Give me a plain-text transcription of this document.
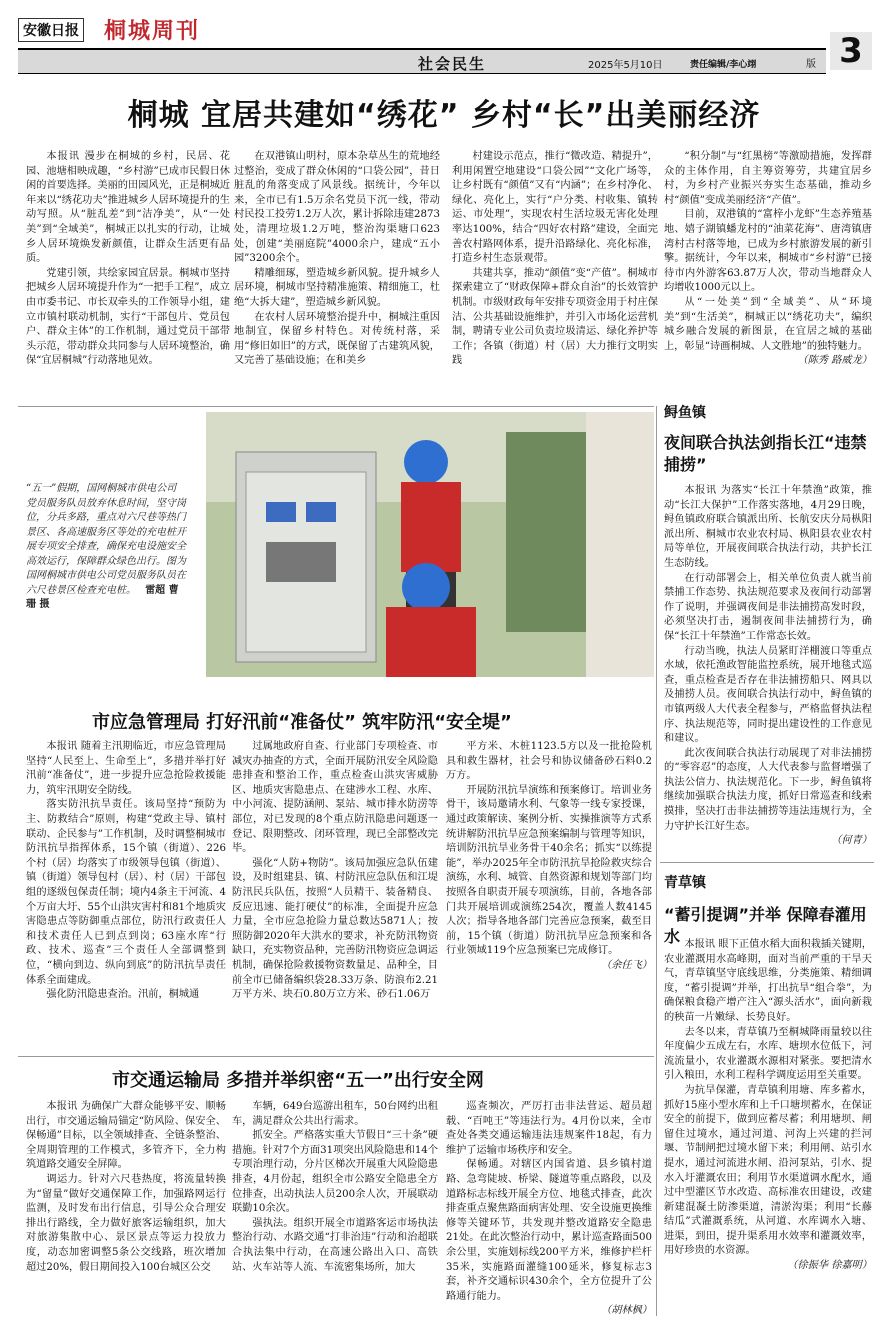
安徽日报 桐城周刊
社会民生	2025年5月10日	责任编辑/李心翊 3
版
桐城 宜居共建如“绣花” 乡村“长”出美丽经济

本报讯 漫步在桐城的乡村，民居、花园、池塘相映成趣，“乡村游”已成市民假日休闲的首要选择。美丽的田园风光，正是桐城近年来以“绣花功夫”推进城乡人居环境提升的生动写照。从“脏乱差”到“洁净美”，从“一处美”到“全域美”，桐城正以扎实的行动，让城乡人居环境焕发新颜值，让群众生活更有品质。

党建引领，共绘家园宜居景。桐城市坚持把城乡人居环境提升作为“一把手工程”，成立由市委书记、市长双牵头的工作领导小组，建立市镇村联动机制，实行“干部包片、党员包户、群众主体”的工作机制，通过党员干部带头示范，带动群众共同参与人居环境整治，确保“宜居桐城”行动落地见效。

在双港镇山明村，原本杂草丛生的荒地经过整治，变成了群众休闲的“口袋公园”，昔日脏乱的角落变成了风景线。据统计，今年以来，全市已有1.5万余名党员下沉一线，带动村民投工投劳1.2万人次，累计拆除违建2873处，清理垃圾1.2万吨，整治沟渠塘口623处，创建“美丽庭院”4000余户，建成“五小园”3200余个。

精雕细琢，塑造城乡新风貌。提升城乡人居环境，桐城市坚持精准施策、精细施工，杜绝“大拆大建”，塑造城乡新风貌。

在农村人居环境整治提升中，桐城注重因地制宜，保留乡村特色。对传统村落，采用“修旧如旧”的方式，既保留了古建筑风貌，又完善了基础设施；在和美乡

村建设示范点，推行“微改造、精提升”，利用闲置空地建设“口袋公园”“文化广场等，让乡村既有“颜值”又有“内涵”；在乡村净化、绿化、亮化上，实行“户分类、村收集、镇转运、市处理”，实现农村生活垃圾无害化处理率达100%，结合“四好农村路”建设，全面完善农村路网体系，提升沿路绿化、亮化标准，打造乡村生态景观带。

共建共享，推动“颜值”变“产值”。桐城市探索建立了“财政保障+群众自治”的长效管护机制。市级财政每年安排专项资金用于村庄保洁、公共基础设施维护，并引入市场化运营机制，聘请专业公司负责垃圾清运、绿化养护等工作；各镇（街道）村（居）大力推行文明实践

“积分制”与“红黑榜”等激励措施，发挥群众的主体作用，自主筹资筹劳，共建宜居乡村，为乡村产业振兴夯实生态基础，推动乡村“颜值”变成美丽经济“产值”。

目前，双港镇的“富梓小龙虾”生态养殖基地、嬉子湖镇蟠龙村的“油菜花海”、唐湾镇唐湾村古村落等地，已成为乡村旅游发展的新引擎。据统计，今年以来，桐城市“乡村游”已接待市内外游客63.87万人次，带动当地群众人均增收1000元以上。

从“一处美”到“全域美”、从“环境美”到“生活美”，桐城正以“绣花功夫”，编织城乡融合发展的新图景，在宜居之城的基础上，彰显“诗画桐城、人文胜地”的独特魅力。

（陈秀 路威龙）
“五一”假期，国网桐城市供电公司党员服务队员放弃休息时间，坚守岗位，分兵多路，重点对六尺巷等热门景区、各高速服务区等处的充电桩开展专项安全排查，确保充电设施安全高效运行，保障群众绿色出行。图为国网桐城市供电公司党员服务队员在六尺巷景区检查充电桩。 雷超 曹珊 摄
鲟鱼镇
夜间联合执法剑指长江“违禁捕捞”

本报讯 为落实“长江十年禁渔”政策，推动“长江大保护”工作落实落地，4月29日晚，鲟鱼镇政府联合镇派出所、长航安庆分局枞阳派出所、桐城市农业农村局、枞阳县农业农村局等单位，开展夜间联合执法行动，共护长江生态防线。

在行动部署会上，相关单位负责人就当前禁捕工作态势、执法规范要求及夜间行动部署作了说明，并强调夜间是非法捕捞高发时段，必须坚决打击，遏制夜间非法捕捞行为，确保“长江十年禁渔”工作常态长效。

行动当晚，执法人员紧盯洋棚渡口等重点水域，依托渔政智能监控系统，展开地毯式巡查，重点检查是否存在非法捕捞船只、网具以及捕捞人员。夜间联合执法行动中，鲟鱼镇的市镇两级人大代表全程参与，严格监督执法程序、执法规范等，同时提出建设性的工作意见和建议。

此次夜间联合执法行动展现了对非法捕捞的“零容忍”的态度，人大代表参与监督增强了执法公信力、执法规范化。下一步，鲟鱼镇将继续加强联合执法力度，抓好日常巡查和线索摸排，坚决打击非法捕捞等违法违规行为，全力守护长江好生态。

（何青）
青草镇
“蓄引提调”并举 保障春灌用水 本报讯 眼下正值水稻大面积栽插关键期，农业灌溉用水高峰期，面对当前严重的干旱天气，青草镇坚守底线思维，分类施策、精细调度，“蓄引提调”并举，打出抗旱“组合拳”，为确保粮食稳产增产注入“源头活水”，面向新栽的秧苗一片嫩绿、长势良好。

去冬以来，青草镇乃至桐城降雨量较以往年度偏少五成左右，水库、塘坝水位低下，河流流量小，农业灌溉水源相对紧张。要把清水引入粮田，水利工程科学调度运用至关重要。

为抗旱保灌，青草镇利用塘、库多蓄水，抓好15座小型水库和上千口塘坝蓄水，在保证安全的前提下，做到应蓄尽蓄；利用塘坝、闸留住过境水，通过河道、河沟上兴建的拦河堰、节制闸把过境水留下来；利用闸、站引水提水，通过河流进水闸、沿河泵站，引水、提水入圩灌溉农田；利用节水渠道调水配水，通过中型灌区节水改造、高标准农田建设，改建新建混凝土防渗渠道，清淤沟渠；利用“长藤结瓜”式灌溉系统，从河道、水库调水入塘、进渠，到田，提升渠系用水效率和灌溉效率，用好珍贵的水资源。

（徐振华 徐嘉明）
市应急管理局 打好汛前“准备仗” 筑牢防汛“安全堤”

本报讯 随着主汛期临近，市应急管理局坚持“人民至上、生命至上”，多措并举打好汛前“准备仗”，进一步提升应急抢险救援能力，筑牢汛期安全防线。

落实防汛抗旱责任。该局坚持“预防为主、防救结合”原则，构建“党政主导、镇村联动、企民参与”工作机制，及时调整桐城市防汛抗旱指挥体系，15个镇（街道）、226个村（居）均落实了市级领导包镇（街道）、镇（街道）领导包村（居）、村（居）干部包组的逐级包保责任制；境内4条主干河流、4个万亩大圩、55个山洪灾害村和81个地质灾害隐患点等防御重点部位，防汛行政责任人和技术责任人已到点到岗；63座水库“行政、技术、巡查”三个责任人全部调整到位，“横向到边、纵向到底”的防汛抗旱责任体系全面建成。

强化防汛隐患查治。汛前，桐城通

过属地政府自查、行业部门专项检查、市减灾办抽查的方式，全面开展防汛安全风险隐患排查和整治工作，重点检查山洪灾害威胁区、地质灾害隐患点、在建涉水工程、水库、中小河流、提防涵闸、泵站、城市排水防涝等部位，对已发现的8个重点防汛隐患问题逐一登记、限期整改、闭环管理，现已全部整改完毕。

强化“人防+物防”。该局加强应急队伍建设，及时组建县、镇、村防汛应急队伍和江堤防汛民兵队伍，按照“人员精干、装备精良、反应迅速、能打硬仗”的标准，全面提升应急力量，全市应急抢险力量总数达5871人；按照防御2020年大洪水的要求，补充防汛物资缺口，充实物资品种，完善防汛物资应急调运机制，确保抢险救援物资数量足、品种全，目前全市已储备编织袋28.33万条、防浪布2.21万平方米、块石0.80万立方米、砂石1.06万

平方米、木桩1123.5方以及一批抢险机具和救生器材，社会号和协议储备砂石料0.2万方。

开展防汛抗旱演练和预案修订。培训业务骨干，该局邀请水利、气象等一线专家授课，通过政策解读、案例分析、实操推演等方式系统讲解防汛抗旱应急预案编制与管理等知识，培训防汛抗旱业务骨干40余名；抓实“以练提能”，举办2025年全市防汛抗旱抢险救灾综合演练，水利、城管、自然资源和规划等部门均按照各自职责开展专项演练，目前，各地各部门共开展培训或演练254次，覆盖人数4145人次；指导各地各部门完善应急预案，截至目前，15个镇（街道）防汛抗旱应急预案和各行业领域119个应急预案已完成修订。

（余任飞）
市交通运输局 多措并举织密“五一”出行安全网

本报讯 为确保广大群众能够平安、顺畅出行，市交通运输局锚定“防风险、保安全、保畅通”目标，以全领域排查、全链条整治、全周期管理的工作模式，多管齐下，全力构筑道路交通安全屏障。

调运力。针对六尺巷热度，将流量转换为“留量”做好交通保障工作，加强路网运行监测，及时发布出行信息，引导公众合理安排出行路线，全力做好旅客运输组织，加大对旅游集散中心、景区景点等运力投放力度，动态加密调整5条公交线路，班次增加超过20%，假日期间投入100台城区公交

车辆，649台巡游出租车，50台网约出租车，满足群众公共出行需求。

抓安全。严格落实重大节假日“三十条”硬措施。针对7个方面31项突出风险隐患和14个专项治理行动，分片区梯次开展重大风险隐患排查，4月份起，组织全市公路安全隐患全方位排查，出动执法人员200余人次，开展联动联勤10余次。

强执法。组织开展全市道路客运市场执法整治行动、水路交通“打非治违”行动和治超联合执法集中行动，在高速公路出入口、高铁站、火车站等人流、车流密集场所，加大

巡查频次，严厉打击非法营运、超员超载、“百吨王”等违法行为。4月份以来，全市查处各类交通运输违法违规案件18起，有力维护了运输市场秩序和安全。

保畅通。对辖区内国省道、县乡镇村道路、急弯陡坡、桥梁、隧道等重点路段，以及道路标志标线开展全方位、地毯式排查，此次排查重点聚焦路面病害处理、安全设施更换维修等关键环节，共发现并整改道路安全隐患21处。在此次整治行动中，累计巡查路面500余公里，实施划标线200平方米，维修护栏杆35米，实施路面灌缝100延米，修复标志3套，补齐交通标识430余个，全方位提升了公路通行能力。

（胡林枫）
